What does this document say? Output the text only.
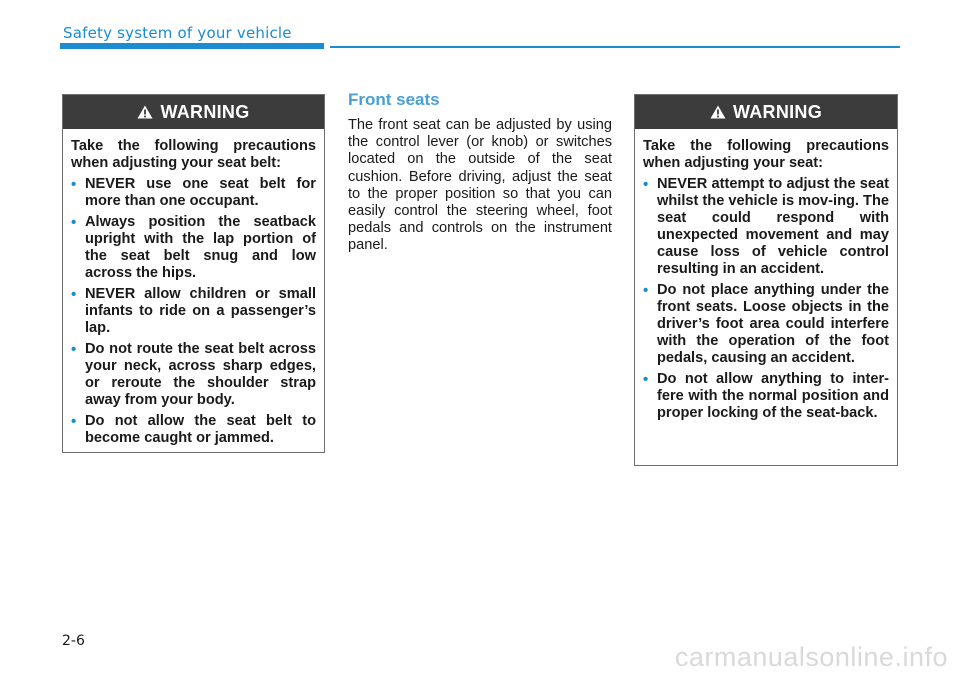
Safety system of your vehicle
WARNING

Take the following precautions when adjusting your seat belt:

• NEVER use one seat belt for more than one occupant.
• Always position the seatback upright with the lap portion of the seat belt snug and low across the hips.
• NEVER allow children or small infants to ride on a passenger’s lap.
• Do not route the seat belt across your neck, across sharp edges, or reroute the shoulder strap away from your body.
• Do not allow the seat belt to become caught or jammed.
Front seats

The front seat can be adjusted by using the control lever (or knob) or switches located on the outside of the seat cushion. Before driving, adjust the seat to the proper position so that you can easily control the steering wheel, foot pedals and controls on the instrument panel.

WARNING

Take the following precautions when adjusting your seat:

• NEVER attempt to adjust the seat whilst the vehicle is mov-ing. The seat could respond with unexpected movement and may cause loss of vehicle control resulting in an accident.
• Do not place anything under the front seats. Loose objects in the driver’s foot area could interfere with the operation of the foot pedals, causing an accident.
• Do not allow anything to inter-fere with the normal position and proper locking of the seat-back.
2-6
carmanualsonline.info
